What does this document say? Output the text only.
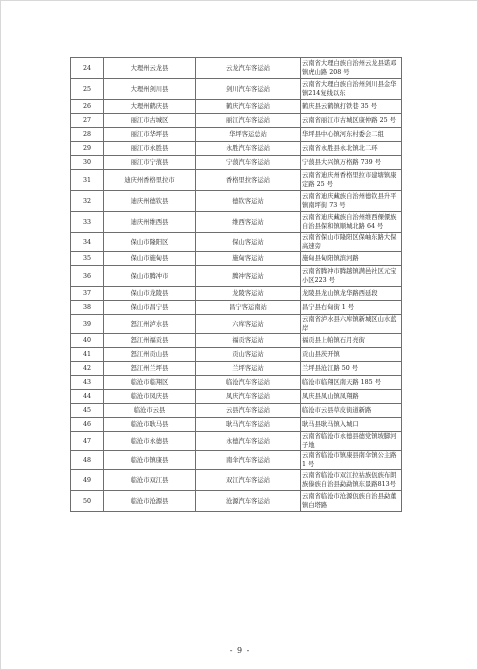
24	大理州云龙县	云龙汽车客运站	云南省大理白族自治州云龙县诺邓镇虎山路 208 号
25	大理州剑川县	剑川汽车客运站	云南省大理白族自治州剑川县金华镇214复线以东
26	大理州鹤庆县	鹤庆汽车客运站	鹤庆县云鹤镇打铁巷 35 号
27	丽江市古城区	丽江汽车客运站	云南省丽江市古城区康仲路 25 号
28	丽江市华坪县	华坪客运总站	华坪县中心镇河东村委会二组
29	丽江市永胜县	永胜汽车客运站	云南省永胜县永北镇北二环
30	丽江市宁蒗县	宁蒗汽车客运站	宁蒗县大兴镇万格路 739 号
31	迪庆州香格里拉市	香格里拉客运站	云南省迪庆州香格里拉市建塘镇康定路 25 号
32	迪庆州德钦县	德钦客运站	云南省迪庆藏族自治州德钦县升平镇南坪街 73 号
33	迪庆州维西县	维西客运站	云南省迪庆藏族自治州维西傈僳族自治县保和镇顺城北路 64 号
34	保山市隆阳区	保山客运站	云南省保山市隆阳区保岫东路大保高速旁
35	保山市施甸县	施甸客运站	施甸县甸阳镇滨河路
36	保山市腾冲市	腾冲客运站	云南省腾冲市腾越镇满邑社区元宝小区223 号
37	保山市龙陵县	龙陵客运站	龙陵县龙山镇龙华路西延段
38	保山市昌宁县	昌宁客运南站	昌宁县右甸街 1 号
39	怒江州泸水县	六库客运站	云南省泸水县六库镇新城区山水蓝岸
40	怒江州福贡县	福贡客运站	福贡县上帕镇石月亮街
41	怒江州贡山县	贡山客运站	贡山县茨开镇
42	怒江州兰坪县	兰坪客运站	兰坪县沧江路 50 号
43	临沧市临翔区	临沧汽车客运站	临沧市临翔区南天路 185 号
44	临沧市凤庆县	凤庆汽车客运站	凤庆县凤山镇凤翔路
45	临沧市云县	云县汽车客运站	临沧市云县草皮街道新路
46	临沧市耿马县	耿马汽车客运站	耿马县耿马镇入城口
47	临沧市永德县	永德汽车客运站	云南省临沧市永德县德党镇坡脚河子地
48	临沧市镇康县	南伞汽车客运站	云南省临沧市镇康县南伞镇公主路 1 号
49	临沧市双江县	双江汽车客运站	云南省临沧市双江拉祜族佤族布朗族傣族自治县勐勐镇东景路813号
50	临沧市沧源县	沧源汽车客运站	云南省临沧市沧源佤族自治县勐董镇白塔路
- 9 -
